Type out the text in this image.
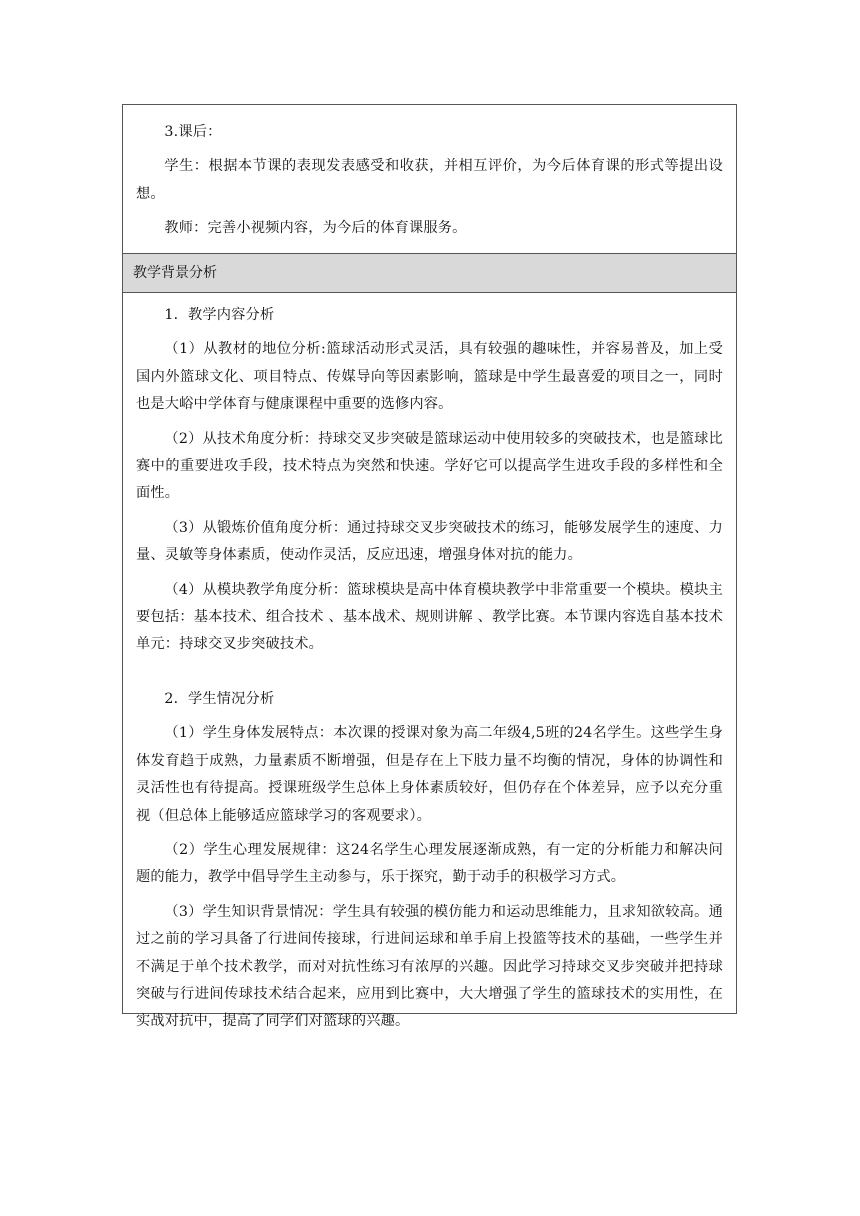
3.课后：

学生：根据本节课的表现发表感受和收获，并相互评价，为今后体育课的形式等提出设想。

教师：完善小视频内容，为今后的体育课服务。

教学背景分析

1．教学内容分析

（1）从教材的地位分析:篮球活动形式灵活，具有较强的趣味性，并容易普及，加上受国内外篮球文化、项目特点、传媒导向等因素影响，篮球是中学生最喜爱的项目之一，同时也是大峪中学体育与健康课程中重要的选修内容。

（2）从技术角度分析：持球交叉步突破是篮球运动中使用较多的突破技术，也是篮球比赛中的重要进攻手段，技术特点为突然和快速。学好它可以提高学生进攻手段的多样性和全面性。

（3）从锻炼价值角度分析：通过持球交叉步突破技术的练习，能够发展学生的速度、力量、灵敏等身体素质，使动作灵活，反应迅速，增强身体对抗的能力。

（4）从模块教学角度分析：篮球模块是高中体育模块教学中非常重要一个模块。模块主要包括：基本技术、组合技术 、基本战术、规则讲解 、教学比赛。本节课内容选自基本技术单元：持球交叉步突破技术。

2．学生情况分析

（1）学生身体发展特点：本次课的授课对象为高二年级4,5班的24名学生。这些学生身体发育趋于成熟，力量素质不断增强，但是存在上下肢力量不均衡的情况，身体的协调性和灵活性也有待提高。授课班级学生总体上身体素质较好，但仍存在个体差异，应予以充分重视（但总体上能够适应篮球学习的客观要求）。

（2）学生心理发展规律：这24名学生心理发展逐渐成熟，有一定的分析能力和解决问题的能力，教学中倡导学生主动参与，乐于探究，勤于动手的积极学习方式。

（3）学生知识背景情况：学生具有较强的模仿能力和运动思维能力，且求知欲较高。通过之前的学习具备了行进间传接球，行进间运球和单手肩上投篮等技术的基础，一些学生并不满足于单个技术教学，而对对抗性练习有浓厚的兴趣。因此学习持球交叉步突破并把持球突破与行进间传球技术结合起来，应用到比赛中，大大增强了学生的篮球技术的实用性，在实战对抗中，提高了同学们对篮球的兴趣。
